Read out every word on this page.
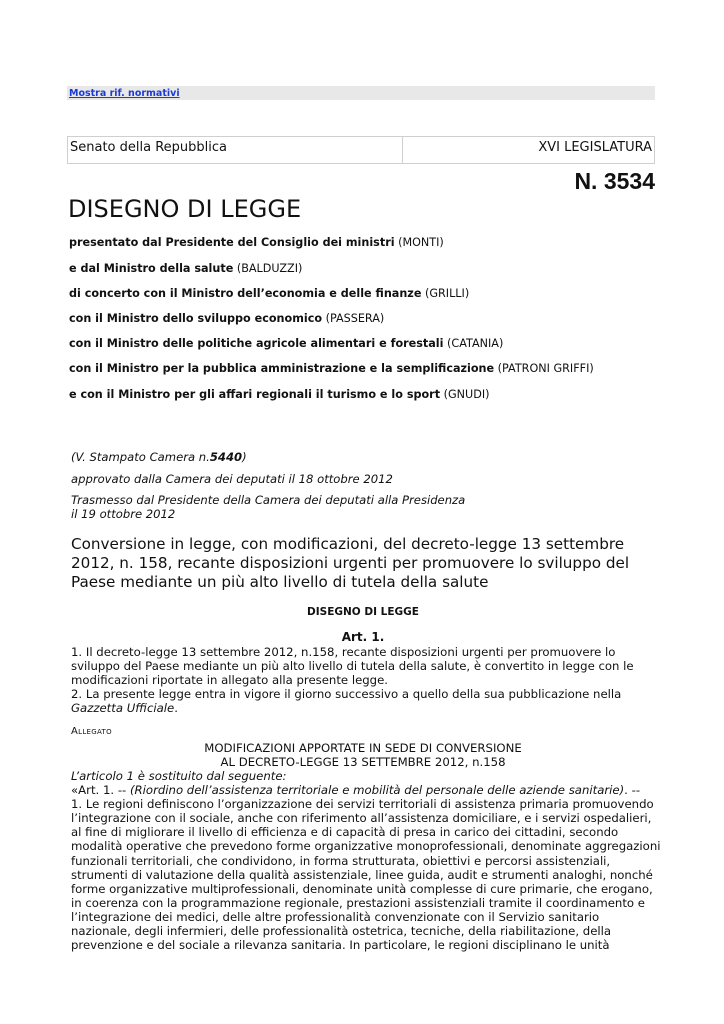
Mostra rif. normativi
Senato della Repubblica	XVI LEGISLATURA
N. 3534
DISEGNO DI LEGGE
presentato dal Presidente del Consiglio dei ministri (MONTI)
e dal Ministro della salute (BALDUZZI)
di concerto con il Ministro dell’economia e delle finanze (GRILLI)
con il Ministro dello sviluppo economico (PASSERA)
con il Ministro delle politiche agricole alimentari e forestali (CATANIA)
con il Ministro per la pubblica amministrazione e la semplificazione (PATRONI GRIFFI)
e con il Ministro per gli affari regionali il turismo e lo sport (GNUDI)
(V. Stampato Camera n.5440)
approvato dalla Camera dei deputati il 18 ottobre 2012
Trasmesso dal Presidente della Camera dei deputati alla Presidenza
il 19 ottobre 2012
Conversione in legge, con modificazioni, del decreto-legge 13 settembre
2012, n. 158, recante disposizioni urgenti per promuovere lo sviluppo del
Paese mediante un più alto livello di tutela della salute
DISEGNO DI LEGGE
Art. 1.
1. Il decreto-legge 13 settembre 2012, n.158, recante disposizioni urgenti per promuovere lo
sviluppo del Paese mediante un più alto livello di tutela della salute, è convertito in legge con le
modificazioni riportate in allegato alla presente legge.
2. La presente legge entra in vigore il giorno successivo a quello della sua pubblicazione nella
Gazzetta Ufficiale.
Allegato
MODIFICAZIONI APPORTATE IN SEDE DI CONVERSIONE
AL DECRETO-LEGGE 13 SETTEMBRE 2012, n.158
L’articolo 1 è sostituito dal seguente:
«Art. 1. -- (Riordino dell’assistenza territoriale e mobilità del personale delle aziende sanitarie). --
1. Le regioni definiscono l’organizzazione dei servizi territoriali di assistenza primaria promuovendo
l’integrazione con il sociale, anche con riferimento all’assistenza domiciliare, e i servizi ospedalieri,
al fine di migliorare il livello di efficienza e di capacità di presa in carico dei cittadini, secondo
modalità operative che prevedono forme organizzative monoprofessionali, denominate aggregazioni
funzionali territoriali, che condividono, in forma strutturata, obiettivi e percorsi assistenziali,
strumenti di valutazione della qualità assistenziale, linee guida, audit e strumenti analoghi, nonché
forme organizzative multiprofessionali, denominate unità complesse di cure primarie, che erogano,
in coerenza con la programmazione regionale, prestazioni assistenziali tramite il coordinamento e
l’integrazione dei medici, delle altre professionalità convenzionate con il Servizio sanitario
nazionale, degli infermieri, delle professionalità ostetrica, tecniche, della riabilitazione, della
prevenzione e del sociale a rilevanza sanitaria. In particolare, le regioni disciplinano le unità
